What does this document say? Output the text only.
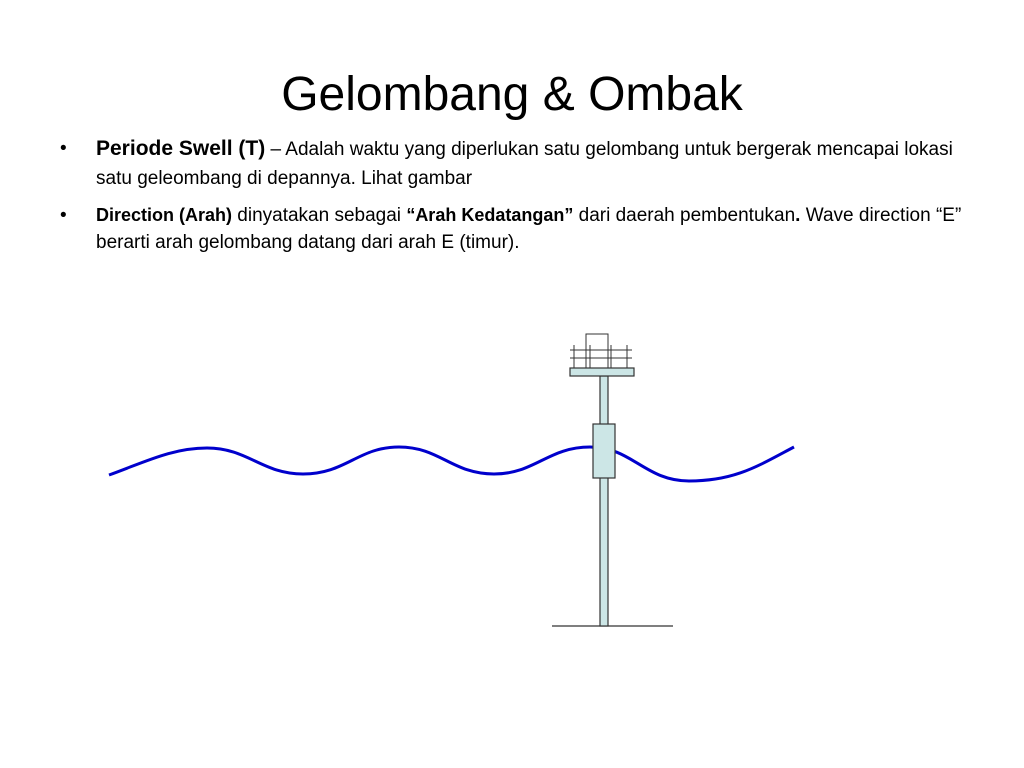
Gelombang & Ombak
• Periode Swell (T) – Adalah waktu yang diperlukan satu gelombang untuk bergerak mencapai lokasi satu geleombang di depannya. Lihat gambar
• Direction (Arah) dinyatakan sebagai “Arah Kedatangan” dari daerah pembentukan. Wave direction “E” berarti arah gelombang datang dari arah E (timur).
